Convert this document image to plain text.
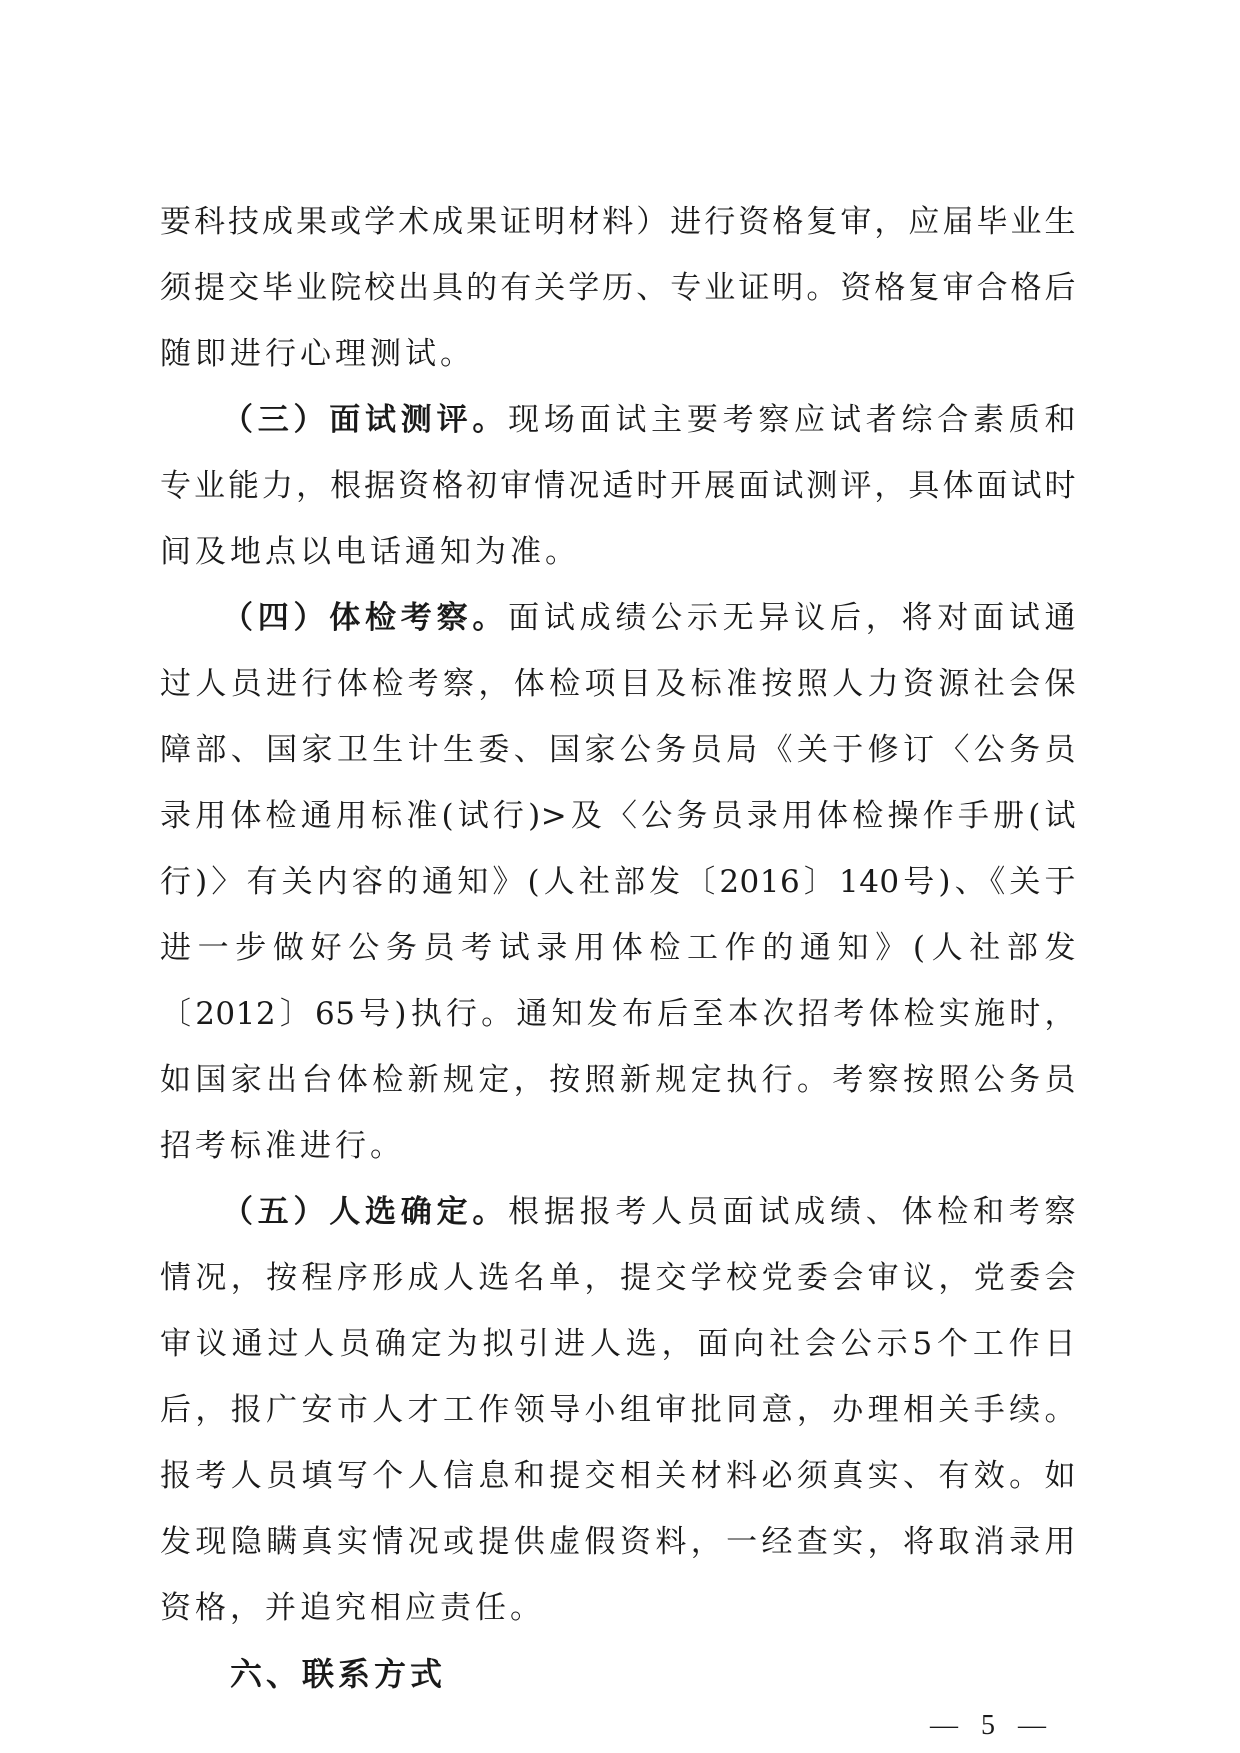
要科技成果或学术成果证明材料）进行资格复审，应届毕业生
须提交毕业院校出具的有关学历、专业证明。资格复审合格后
随即进行心理测试。
（三）面试测评。现场面试主要考察应试者综合素质和
专业能力，根据资格初审情况适时开展面试测评，具体面试时
间及地点以电话通知为准。
（四）体检考察。面试成绩公示无异议后，将对面试通
过人员进行体检考察，体检项目及标准按照人力资源社会保
障部、国家卫生计生委、国家公务员局《关于修订〈公务员
录用体检通用标准(试行)>及〈公务员录用体检操作手册(试
行)〉有关内容的通知》(人社部发〔2016〕140号)、《关于
进一步做好公务员考试录用体检工作的通知》(人社部发
〔2012〕65号)执行。通知发布后至本次招考体检实施时，
如国家出台体检新规定，按照新规定执行。考察按照公务员
招考标准进行。
（五）人选确定。根据报考人员面试成绩、体检和考察
情况，按程序形成人选名单，提交学校党委会审议，党委会
审议通过人员确定为拟引进人选，面向社会公示5个工作日
后，报广安市人才工作领导小组审批同意，办理相关手续。
报考人员填写个人信息和提交相关材料必须真实、有效。如
发现隐瞒真实情况或提供虚假资料，一经查实，将取消录用
资格，并追究相应责任。
六、联系方式
— 5 —
